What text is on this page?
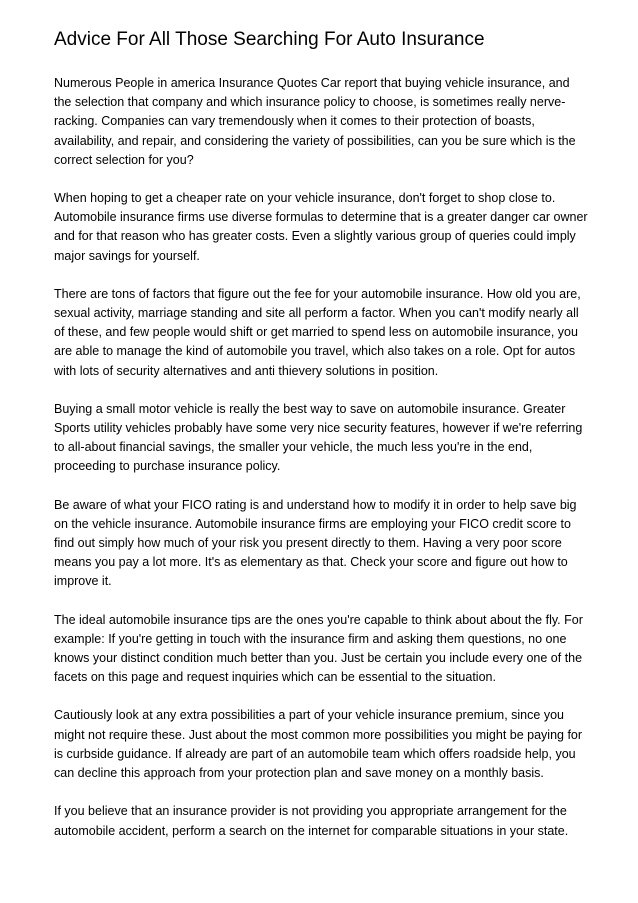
Advice For All Those Searching For Auto Insurance

Numerous People in america Insurance Quotes Car report that buying vehicle insurance, and the selection that company and which insurance policy to choose, is sometimes really nerve-racking. Companies can vary tremendously when it comes to their protection of boasts, availability, and repair, and considering the variety of possibilities, can you be sure which is the correct selection for you?

When hoping to get a cheaper rate on your vehicle insurance, don't forget to shop close to. Automobile insurance firms use diverse formulas to determine that is a greater danger car owner and for that reason who has greater costs. Even a slightly various group of queries could imply major savings for yourself.

There are tons of factors that figure out the fee for your automobile insurance. How old you are, sexual activity, marriage standing and site all perform a factor. When you can't modify nearly all of these, and few people would shift or get married to spend less on automobile insurance, you are able to manage the kind of automobile you travel, which also takes on a role. Opt for autos with lots of security alternatives and anti thievery solutions in position.

Buying a small motor vehicle is really the best way to save on automobile insurance. Greater Sports utility vehicles probably have some very nice security features, however if we're referring to all-about financial savings, the smaller your vehicle, the much less you're in the end, proceeding to purchase insurance policy.

Be aware of what your FICO rating is and understand how to modify it in order to help save big on the vehicle insurance. Automobile insurance firms are employing your FICO credit score to find out simply how much of your risk you present directly to them. Having a very poor score means you pay a lot more. It's as elementary as that. Check your score and figure out how to improve it.

The ideal automobile insurance tips are the ones you're capable to think about about the fly. For example: If you're getting in touch with the insurance firm and asking them questions, no one knows your distinct condition much better than you. Just be certain you include every one of the facets on this page and request inquiries which can be essential to the situation.

Cautiously look at any extra possibilities a part of your vehicle insurance premium, since you might not require these. Just about the most common more possibilities you might be paying for is curbside guidance. If already are part of an automobile team which offers roadside help, you can decline this approach from your protection plan and save money on a monthly basis.

If you believe that an insurance provider is not providing you appropriate arrangement for the automobile accident, perform a search on the internet for comparable situations in your state.
